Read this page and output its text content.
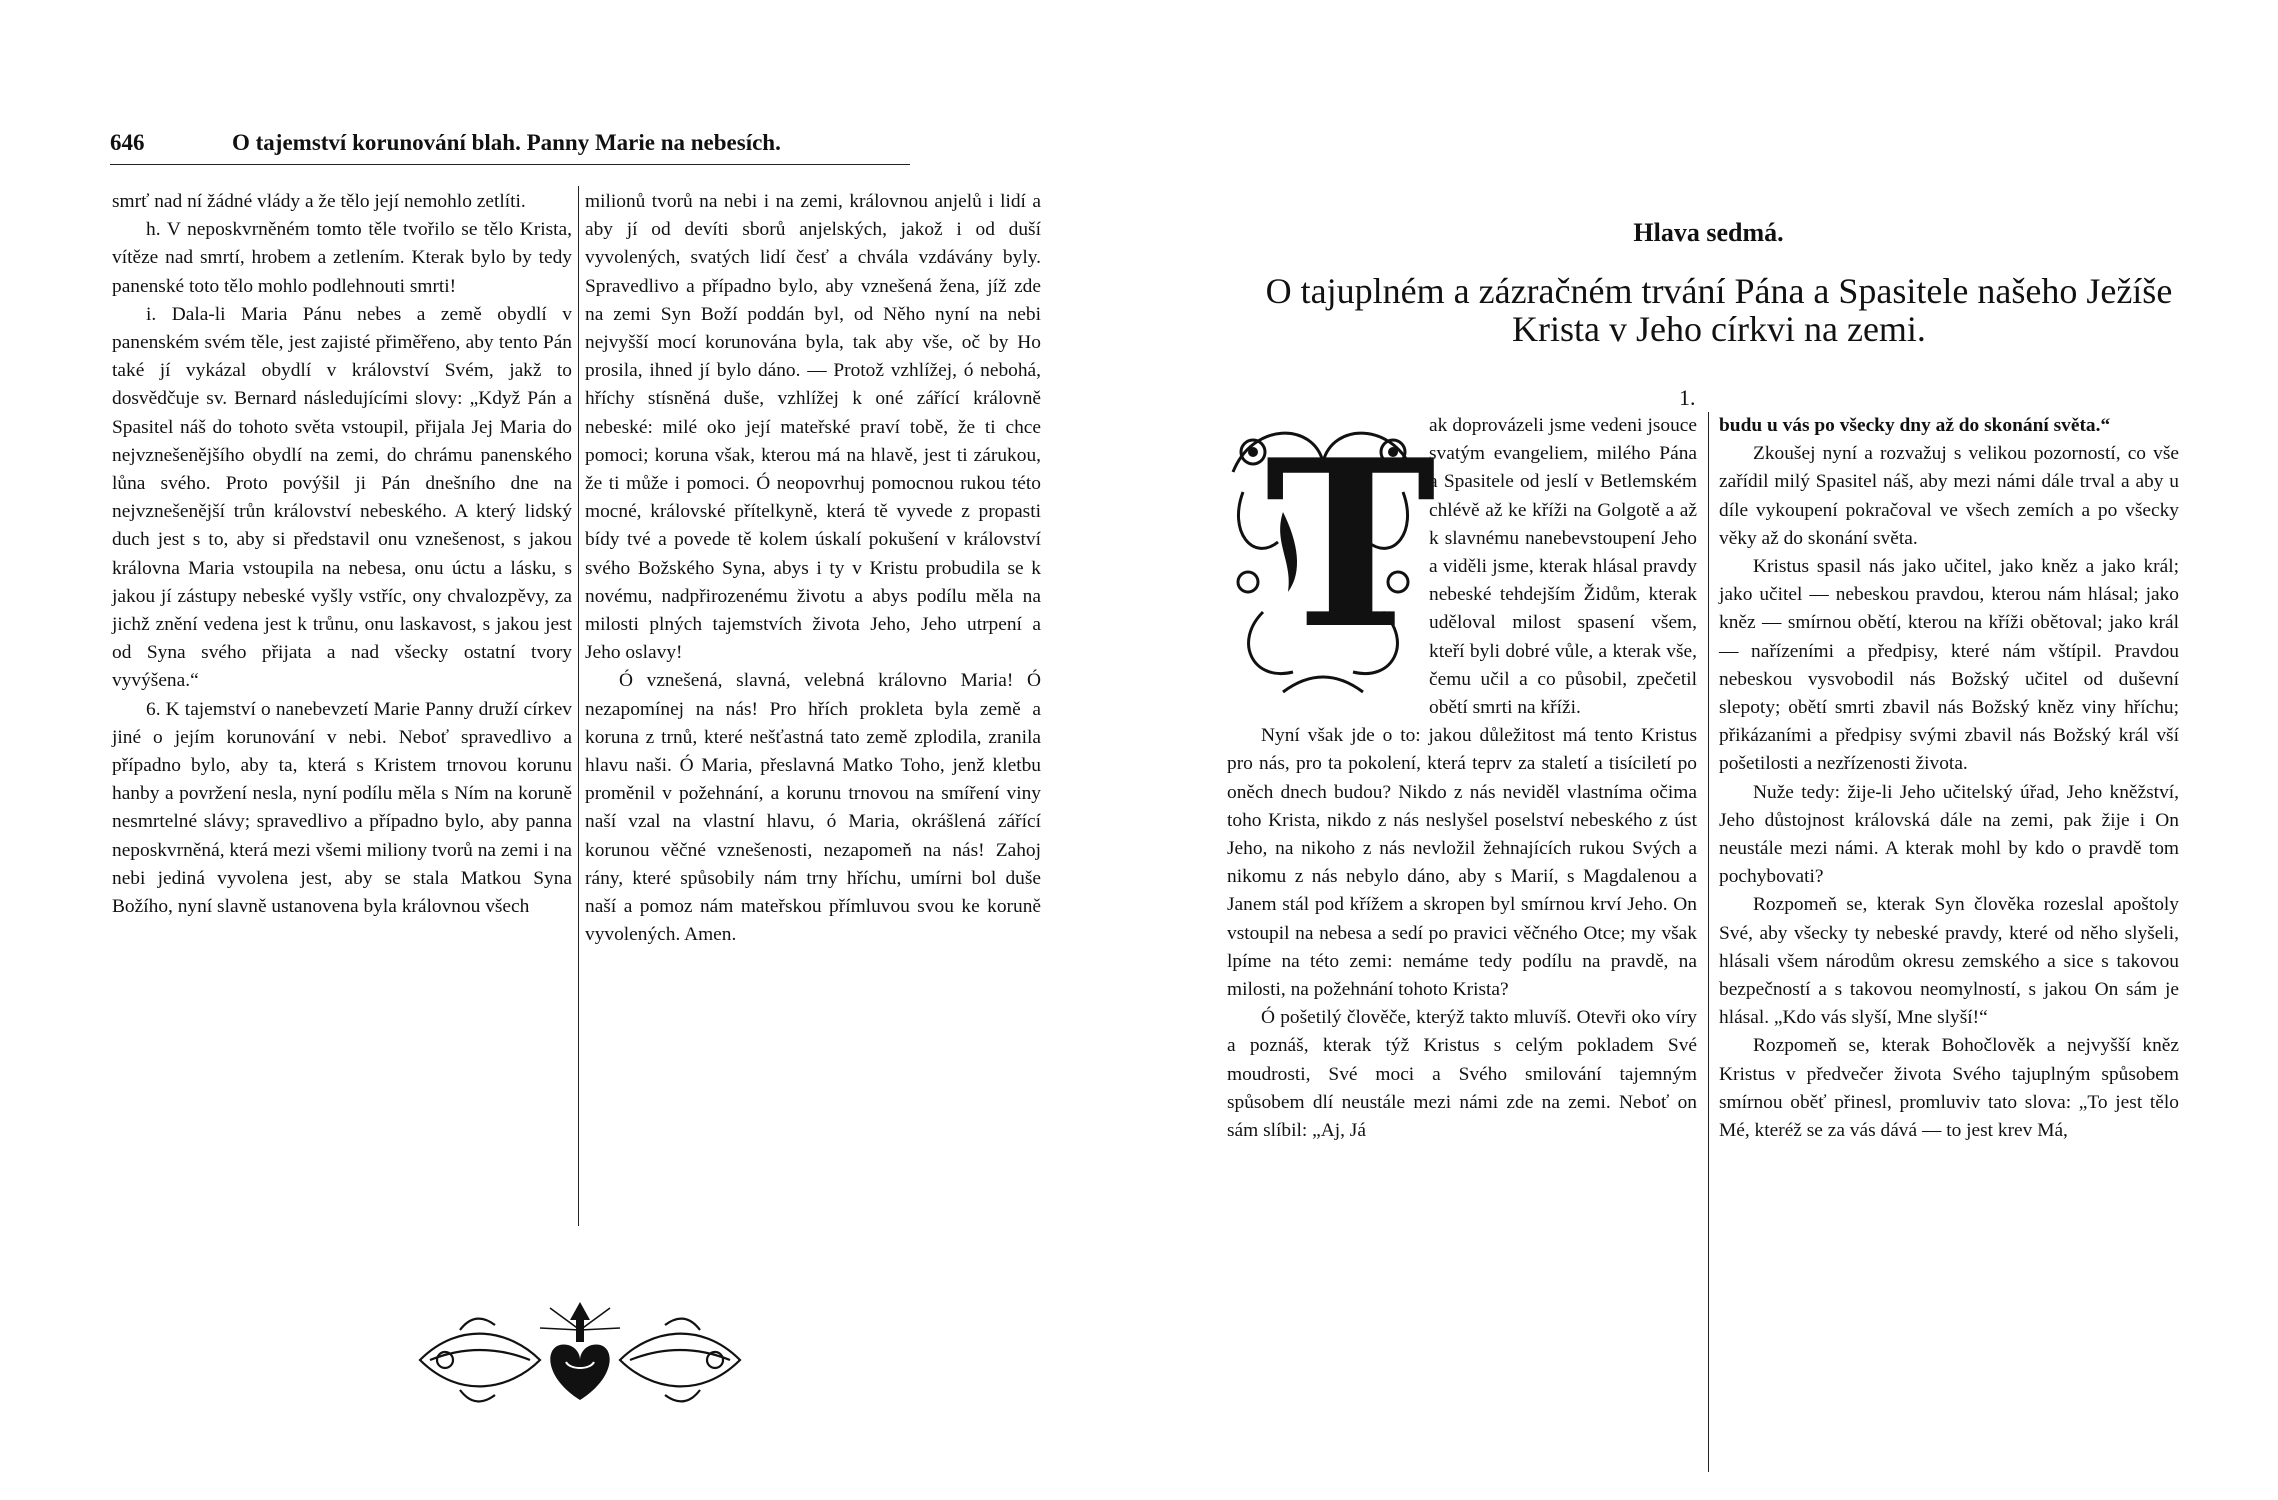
646	O tajemství korunování blah. Panny Marie na nebesích.

smrť nad ní žádné vlády a že tělo její nemohlo zetlíti.

h. V neposkvrněném tomto těle tvořilo se tělo Krista, vítěze nad smrtí, hrobem a zetlením. Kterak bylo by tedy panenské toto tělo mohlo podlehnouti smrti!

i. Dala-li Maria Pánu nebes a země obydlí v panenském svém těle, jest zajisté přiměřeno, aby tento Pán také jí vykázal obydlí v království Svém, jakž to dosvědčuje sv. Bernard následujícími slovy: „Když Pán a Spasitel náš do tohoto světa vstoupil, přijala Jej Maria do nejvznešenějšího obydlí na zemi, do chrámu panenského lůna svého. Proto povýšil ji Pán dnešního dne na nejvznešenější trůn království nebeského. A který lidský duch jest s to, aby si představil onu vznešenost, s jakou královna Maria vstoupila na nebesa, onu úctu a lásku, s jakou jí zástupy nebeské vyšly vstříc, ony chvalozpěvy, za jichž znění vedena jest k trůnu, onu laskavost, s jakou jest od Syna svého přijata a nad všecky ostatní tvory vyvýšena.“

6. K tajemství o nanebevzetí Marie Panny druží církev jiné o jejím korunování v nebi. Neboť spravedlivo a případno bylo, aby ta, která s Kristem trnovou korunu hanby a povržení nesla, nyní podílu měla s Ním na koruně nesmrtelné slávy; spravedlivo a případno bylo, aby panna neposkvrněná, která mezi všemi miliony tvorů na zemi i na nebi jediná vyvolena jest, aby se stala Matkou Syna Božího, nyní slavně ustanovena byla královnou všech

milionů tvorů na nebi i na zemi, královnou anjelů i lidí a aby jí od devíti sborů anjelských, jakož i od duší vyvolených, svatých lidí česť a chvála vzdávány byly. Spravedlivo a případno bylo, aby vznešená žena, jíž zde na zemi Syn Boží poddán byl, od Něho nyní na nebi nejvyšší mocí korunována byla, tak aby vše, oč by Ho prosila, ihned jí bylo dáno. — Protož vzhlížej, ó nebohá, hříchy stísněná duše, vzhlížej k oné zářící královně nebeské: milé oko její mateřské praví tobě, že ti chce pomoci; koruna však, kterou má na hlavě, jest ti zárukou, že ti může i pomoci. Ó neopovrhuj pomocnou rukou této mocné, královské přítelkyně, která tě vyvede z propasti bídy tvé a povede tě kolem úskalí pokušení v království svého Božského Syna, abys i ty v Kristu probudila se k novému, nadpřirozenému životu a abys podílu měla na milosti plných tajemstvích života Jeho, Jeho utrpení a Jeho oslavy!

Ó vznešená, slavná, velebná královno Maria! Ó nezapomínej na nás! Pro hřích prokleta byla země a koruna z trnů, které nešťastná tato země zplodila, zranila hlavu naši. Ó Maria, přeslavná Matko Toho, jenž kletbu proměnil v požehnání, a korunu trnovou na smíření viny naší vzal na vlastní hlavu, ó Maria, okrášlená zářící korunou věčné vznešenosti, nezapomeň na nás! Zahoj rány, které spůsobily nám trny hříchu, umírni bol duše naší a pomoz nám mateřskou přímluvou svou ke koruně vyvolených. Amen.

Hlava sedmá.
O tajuplném a zázračném trvání Pána a Spasitele našeho Ježíše
Krista v Jeho církvi na zemi.
1.
T

ak doprovázeli jsme vedeni jsouce svatým evangeliem, milého Pána a Spasitele od jeslí v Betlemském chlévě až ke kříži na Golgotě a až k slavnému nanebevstoupení Jeho a viděli jsme, kterak hlásal pravdy nebeské tehdejším Židům, kterak uděloval milost spasení všem, kteří byli dobré vůle, a kterak vše, čemu učil a co působil, zpečetil obětí smrti na kříži.

Nyní však jde o to: jakou důležitost má tento Kristus pro nás, pro ta pokolení, která teprv za staletí a tisíciletí po oněch dnech budou? Nikdo z nás neviděl vlastníma očima toho Krista, nikdo z nás neslyšel poselství nebeského z úst Jeho, na nikoho z nás nevložil žehnajících rukou Svých a nikomu z nás nebylo dáno, aby s Marií, s Magdalenou a Janem stál pod křížem a skropen byl smírnou krví Jeho. On vstoupil na nebesa a sedí po pravici věčného Otce; my však lpíme na této zemi: nemáme tedy podílu na pravdě, na milosti, na požehnání tohoto Krista?

Ó pošetilý člověče, kterýž takto mluvíš. Otevři oko víry a poznáš, kterak týž Kristus s celým pokladem Své moudrosti, Své moci a Svého smilování tajemným spůsobem dlí neustále mezi námi zde na zemi. Neboť on sám slíbil: „Aj, Já

budu u vás po všecky dny až do skonání světa.“

Zkoušej nyní a rozvažuj s velikou pozorností, co vše zařídil milý Spasitel náš, aby mezi námi dále trval a aby u díle vykoupení pokračoval ve všech zemích a po všecky věky až do skonání světa.

Kristus spasil nás jako učitel, jako kněz a jako král; jako učitel — nebeskou pravdou, kterou nám hlásal; jako kněz — smírnou obětí, kterou na kříži obětoval; jako král — nařízeními a předpisy, které nám vštípil. Pravdou nebeskou vysvobodil nás Božský učitel od duševní slepoty; obětí smrti zbavil nás Božský kněz viny hříchu; přikázaními a předpisy svými zbavil nás Božský král vší pošetilosti a nezřízenosti života.

Nuže tedy: žije-li Jeho učitelský úřad, Jeho kněžství, Jeho důstojnost královská dále na zemi, pak žije i On neustále mezi námi. A kterak mohl by kdo o pravdě tom pochybovati?

Rozpomeň se, kterak Syn člověka rozeslal apoštoly Své, aby všecky ty nebeské pravdy, které od něho slyšeli, hlásali všem národům okresu zemského a sice s takovou bezpečností a s takovou neomylností, s jakou On sám je hlásal. „Kdo vás slyší, Mne slyší!“

Rozpomeň se, kterak Bohočlověk a nejvyšší kněz Kristus v předvečer života Svého tajuplným spůsobem smírnou oběť přinesl, promluviv tato slova: „To jest tělo Mé, kteréž se za vás dává — to jest krev Má,
